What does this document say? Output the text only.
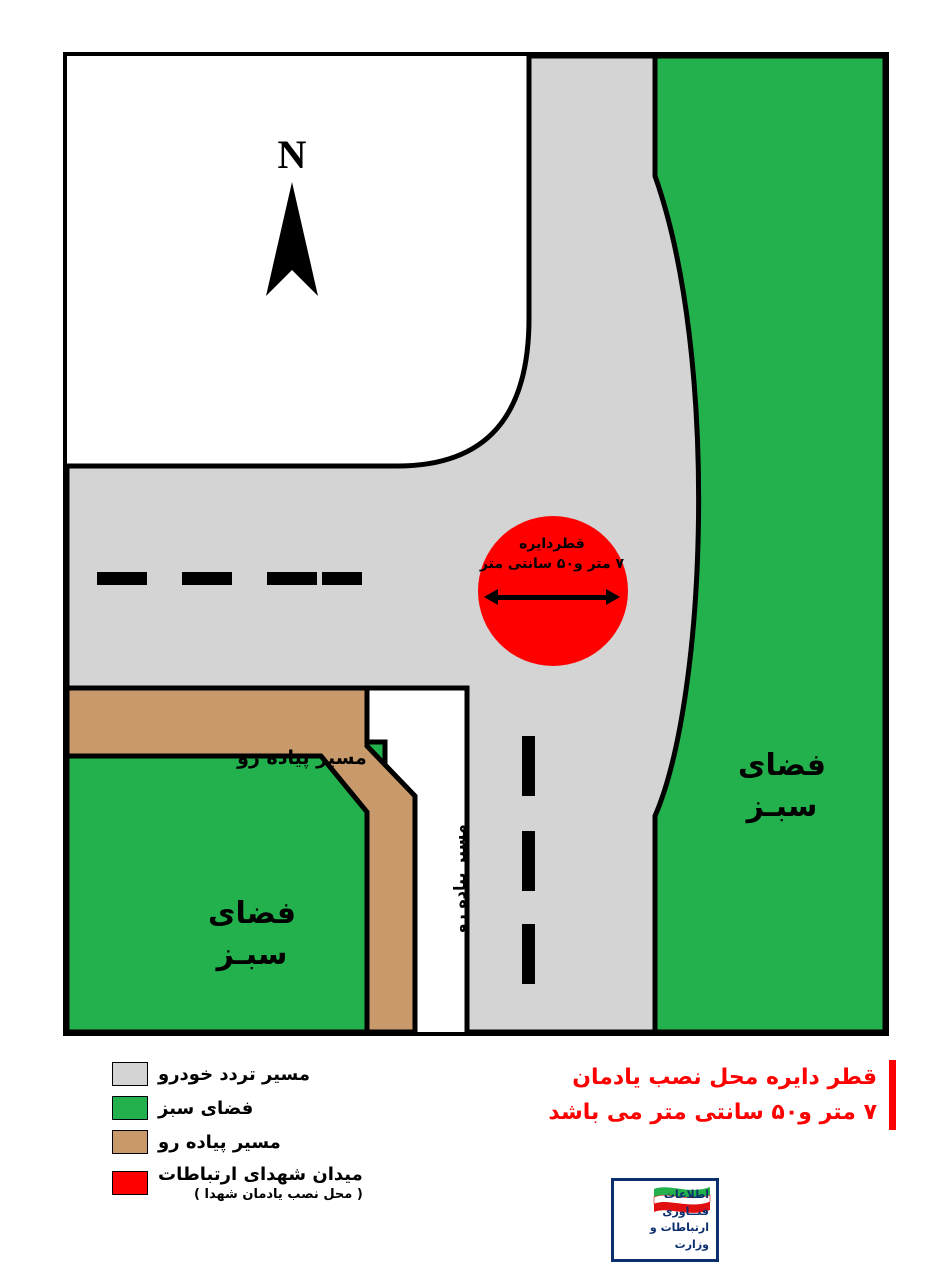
قطردایره
۷ متر و۵۰ سانتی متر
N
فضای
سبـز
فضای
سبـز
مسیر پیاده رو
مسیر پیاده رو
مسیر تردد خودرو
فضای سبز
مسیر پیاده رو
میدان شهدای ارتباطات
( محل نصب یادمان شهدا )
قطر دایره محل نصب یادمان
۷ متر و۵۰ سانتی متر می باشد
اطلاعات
فنــاوری
ارتباطات و
وزارت
